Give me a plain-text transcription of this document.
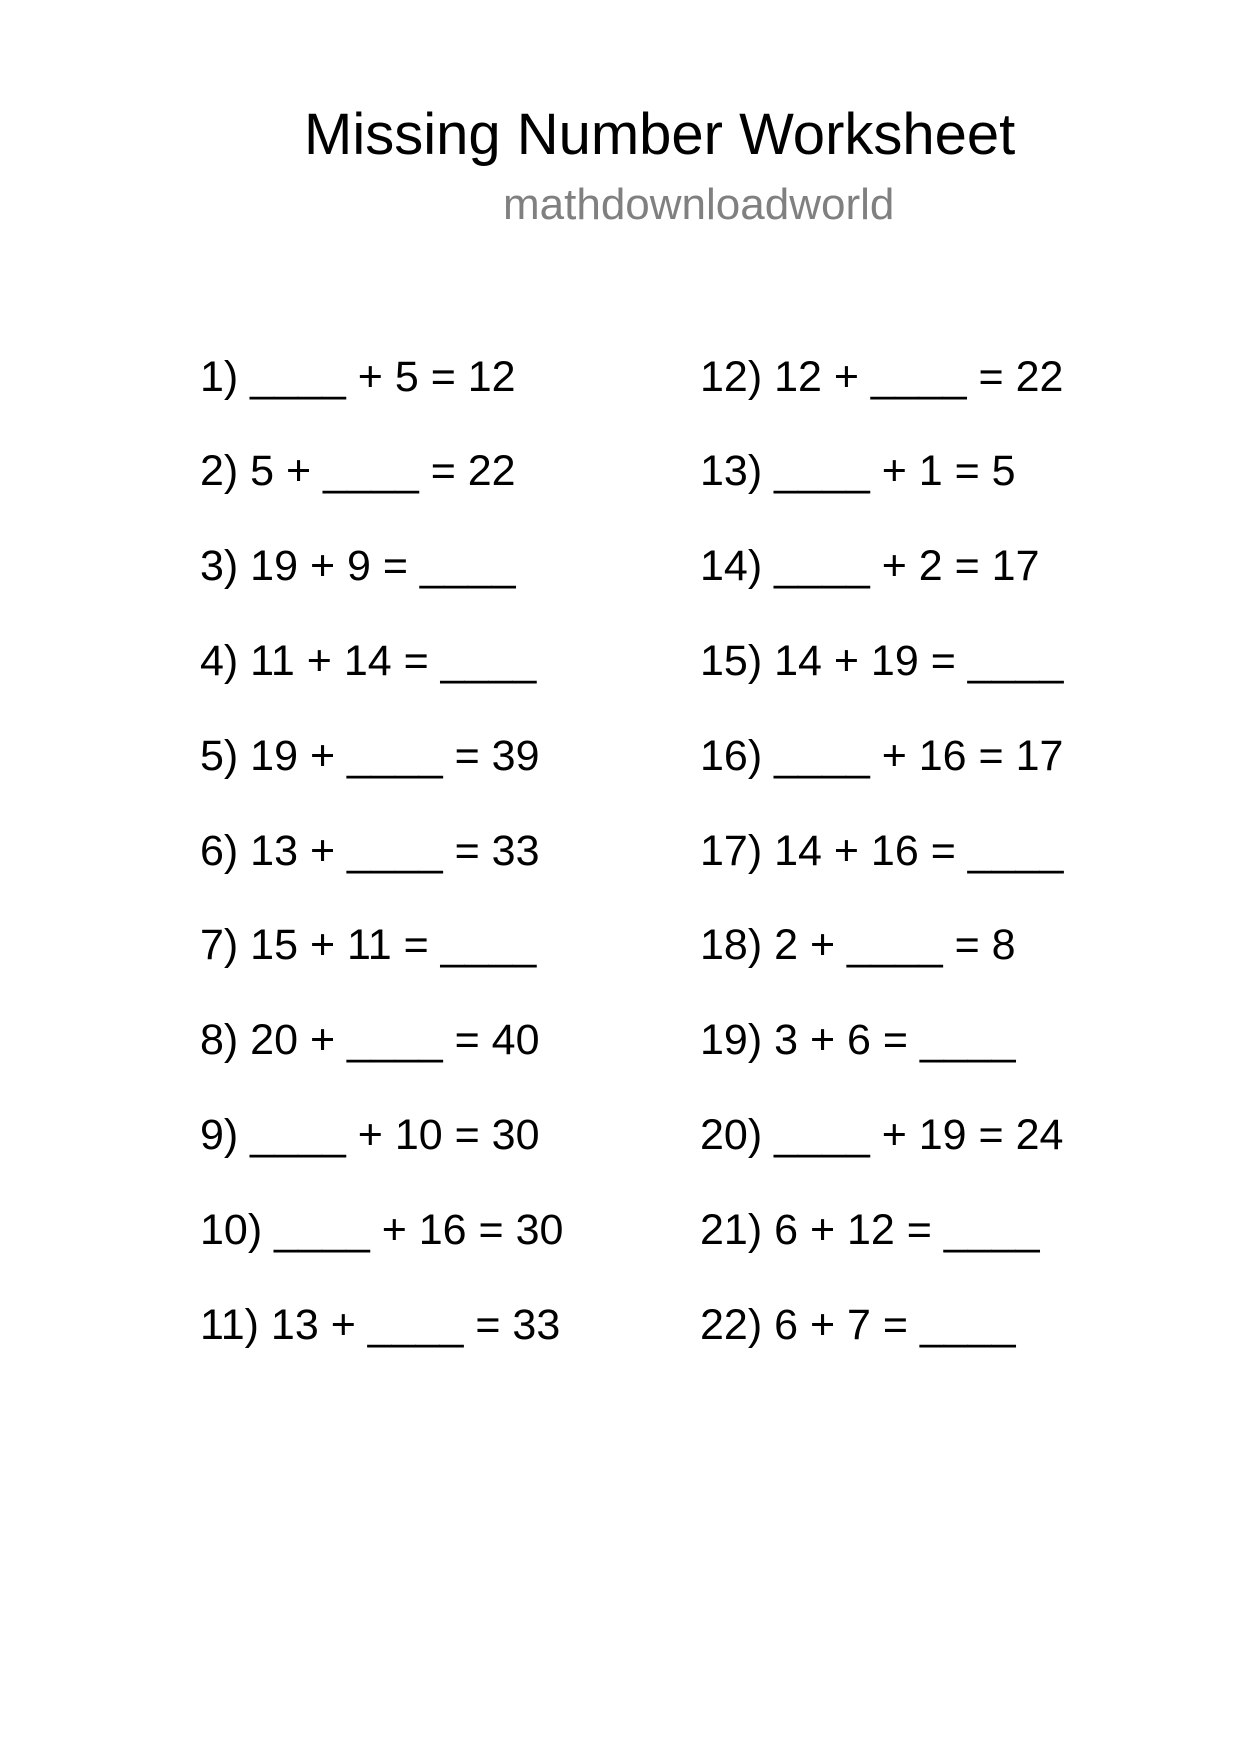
Missing Number Worksheet
mathdownloadworld
1) ____ + 5 = 12
2) 5 + ____ = 22
3) 19 + 9 = ____
4) 11 + 14 = ____
5) 19 + ____ = 39
6) 13 + ____ = 33
7) 15 + 11 = ____
8) 20 + ____ = 40
9) ____ + 10 = 30
10) ____ + 16 = 30
11) 13 + ____ = 33
12) 12 + ____ = 22
13) ____ + 1 = 5
14) ____ + 2 = 17
15) 14 + 19 = ____
16) ____ + 16 = 17
17) 14 + 16 = ____
18) 2 + ____ = 8
19) 3 + 6 = ____
20) ____ + 19 = 24
21) 6 + 12 = ____
22) 6 + 7 = ____
